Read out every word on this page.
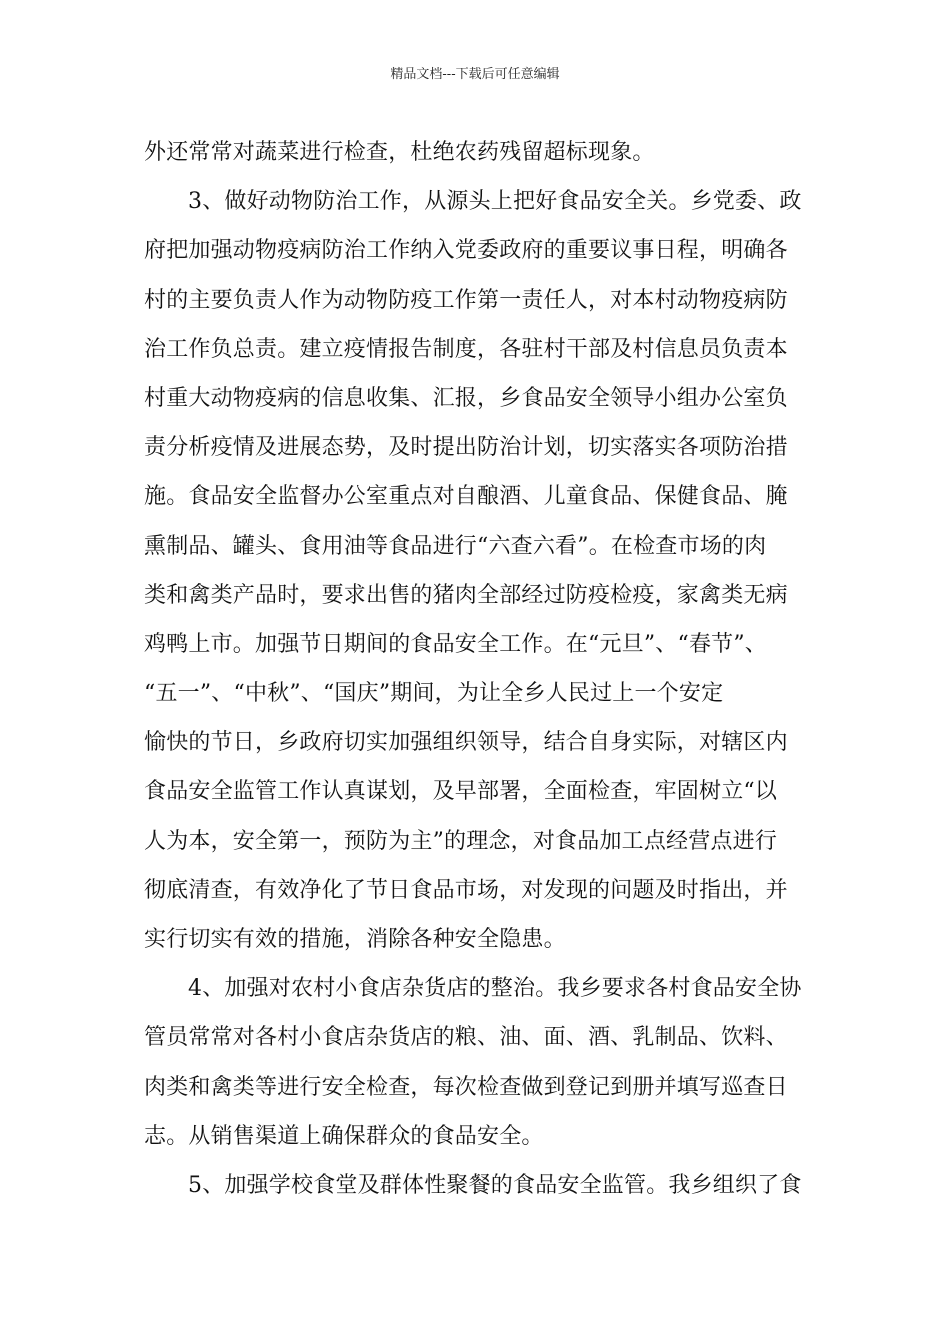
精品文档---下载后可任意编辑
外还常常对蔬菜进行检查，杜绝农药残留超标现象。
3、做好动物防治工作，从源头上把好食品安全关。乡党委、政
府把加强动物疫病防治工作纳入党委政府的重要议事日程，明确各
村的主要负责人作为动物防疫工作第一责任人，对本村动物疫病防
治工作负总责。建立疫情报告制度，各驻村干部及村信息员负责本
村重大动物疫病的信息收集、汇报，乡食品安全领导小组办公室负
责分析疫情及进展态势，及时提出防治计划，切实落实各项防治措
施。食品安全监督办公室重点对自酿酒、儿童食品、保健食品、腌
熏制品、罐头、食用油等食品进行“六查六看”。在检查市场的肉
类和禽类产品时，要求出售的猪肉全部经过防疫检疫，家禽类无病
鸡鸭上市。加强节日期间的食品安全工作。在“元旦”、“春节”、
“五一”、“中秋”、“国庆”期间，为让全乡人民过上一个安定
愉快的节日，乡政府切实加强组织领导，结合自身实际，对辖区内
食品安全监管工作认真谋划，及早部署，全面检查，牢固树立“以
人为本，安全第一，预防为主”的理念，对食品加工点经营点进行
彻底清查，有效净化了节日食品市场，对发现的问题及时指出，并
实行切实有效的措施，消除各种安全隐患。
4、加强对农村小食店杂货店的整治。我乡要求各村食品安全协
管员常常对各村小食店杂货店的粮、油、面、酒、乳制品、饮料、
肉类和禽类等进行安全检查，每次检查做到登记到册并填写巡查日
志。从销售渠道上确保群众的食品安全。
5、加强学校食堂及群体性聚餐的食品安全监管。我乡组织了食
